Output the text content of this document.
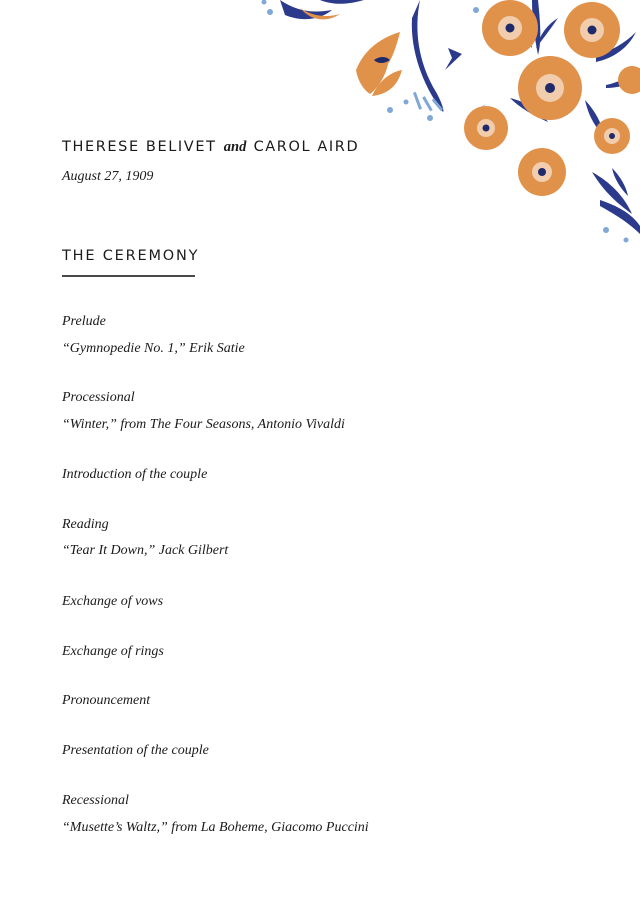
THERESE BELIVET and CAROL AIRD
August 27, 1909
THE CEREMONY
Prelude
“Gymnopedie No. 1,” Erik Satie
Processional
“Winter,” from The Four Seasons, Antonio Vivaldi
Introduction of the couple
Reading
“Tear It Down,” Jack Gilbert
Exchange of vows
Exchange of rings
Pronouncement
Presentation of the couple
Recessional
“Musette’s Waltz,” from La Boheme, Giacomo Puccini
